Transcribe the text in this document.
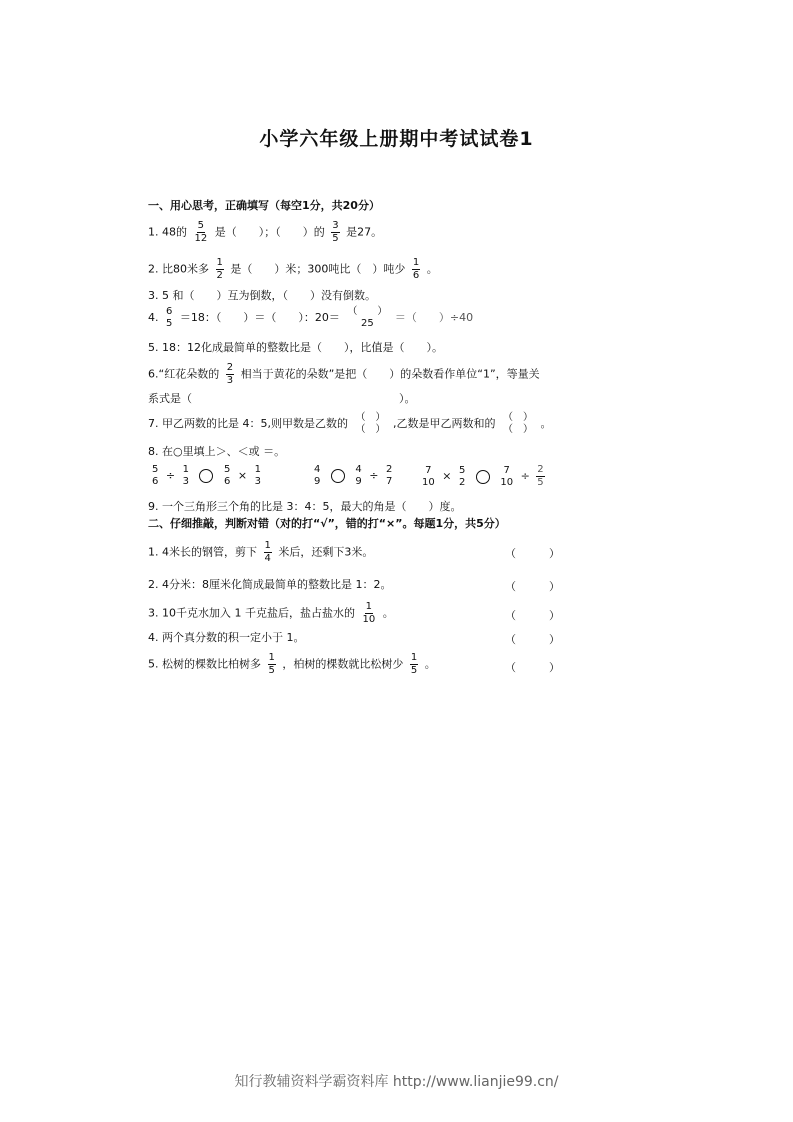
小学六年级上册期中考试试卷1
一、用心思考，正确填写（每空1分，共20分）
1. 48的 $\frac{5}{12}$ 是（　　）；（　　）的 $\frac{3}{5}$ 是27。
2. 比80米多 $\frac{1}{2}$ 是（　　）米；300吨比（　）吨少 $\frac{1}{6}$ 。
3. 5 和（　　）互为倒数，（　　）没有倒数。
4. 6
5 ＝18：（　　）＝（　　）：20＝ （　　）
25 ＝（　　）÷40
5. 18：12化成最简单的整数比是（　　），比值是（　　）。
6.“红花朵数的 $\frac{2}{3}$ 相当于黄花的朵数”是把（　　）的朵数看作单位“1”，等量关
系式是（	）。
7. 甲乙两数的比是 4：5,则甲数是乙数的 （　）
（　） ,乙数是甲乙两数和的 （　）
（　） 。
8. 在○里填上＞、＜或 ＝。
5
6 ÷ 1
3

5
6 × 1
3
4
9

4
9 ÷ 2
7
7
10 × 5
2

7
$10 \div \frac{2}{5}$
9. 一个三角形三个角的比是 3：4：5，最大的角是（　　）度。
二、仔细推敲，判断对错（对的打“√”，错的打“×”。每题1分，共5分）
1. 4米长的钢管，剪下 $\frac{1}{4}$ 米后，还剩下3米。	（　　　）
2. 4分米：8厘米化简成最简单的整数比是 1：2。	（　　　）
3. 10千克水加入 1 千克盐后，盐占盐水的 $\frac{1}{10}$ 。	（　　　）
4. 两个真分数的积一定小于 1。	（　　　）
5. 松树的棵数比柏树多 $\frac{1}{5}$ ，柏树的棵数就比松树少 $\frac{1}{5}$ 。	（　　　）
知行教辅资料学霸资料库 http://www.lianjie99.cn/
